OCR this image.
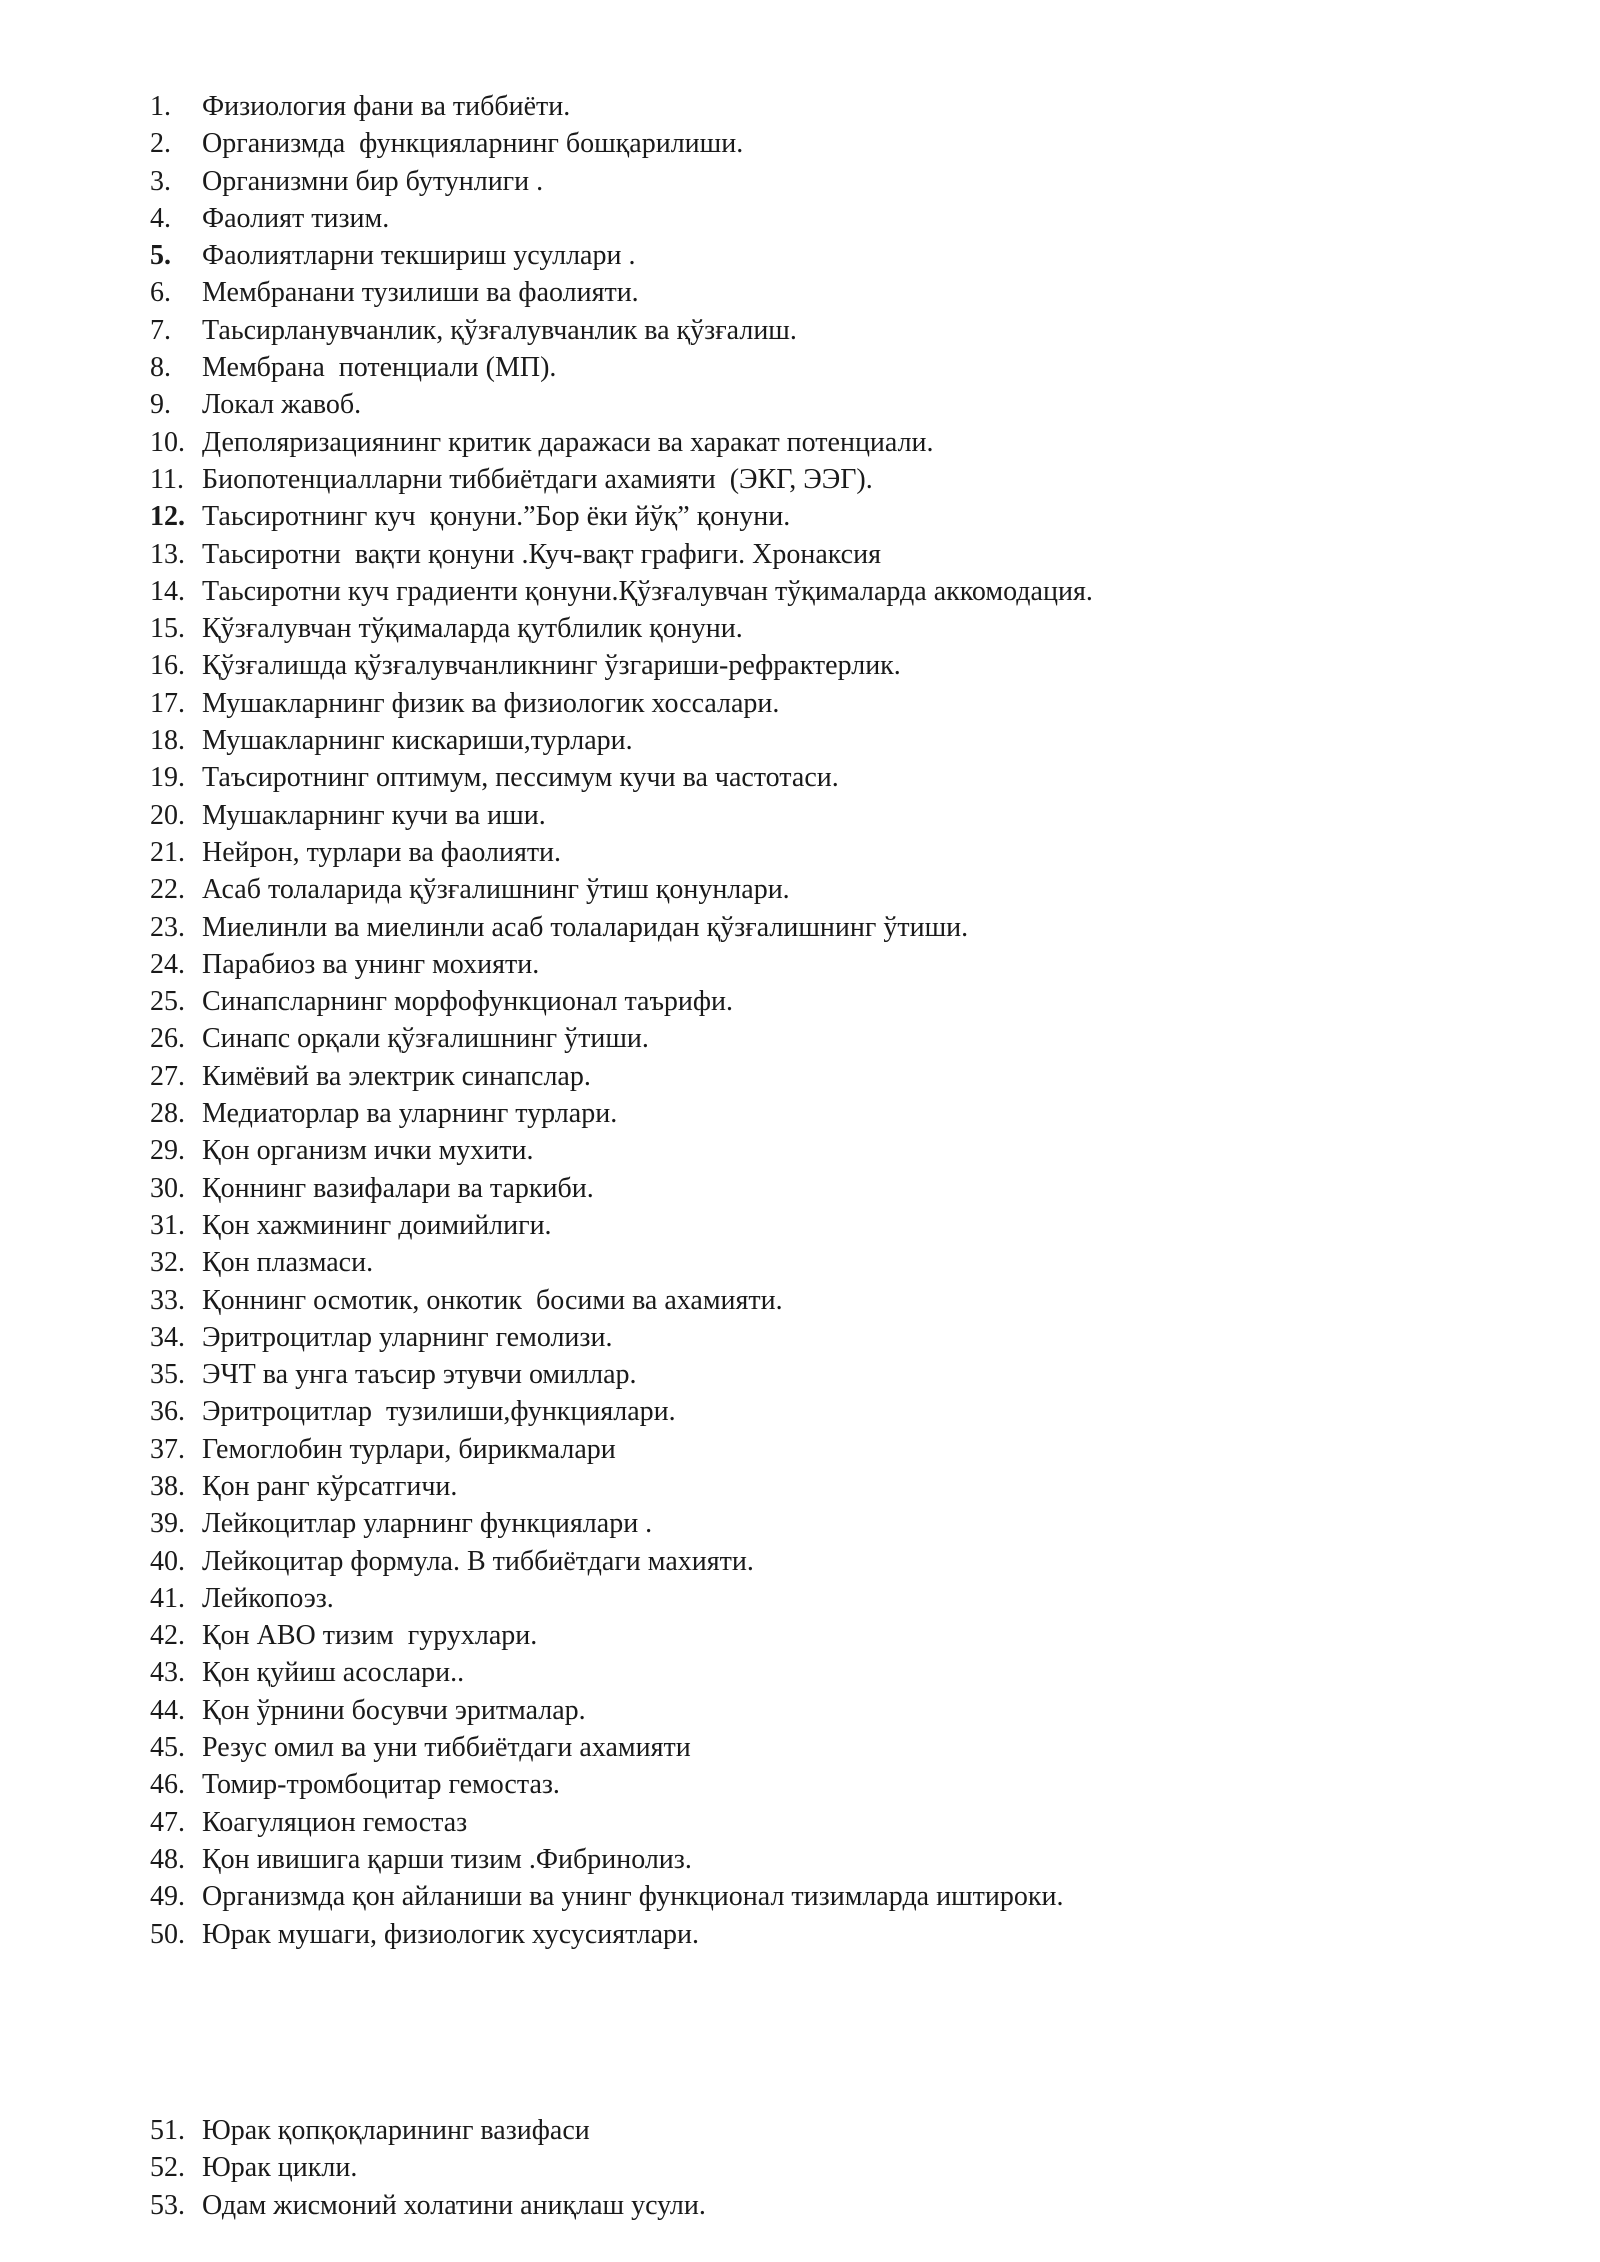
1.	Физиология фани ва тиббиёти.
2.	Организмда  функцияларнинг бошқарилиши.
3.	Организмни бир бутунлиги .
4.	Фаолият тизим.
5.	Фаолиятларни текшириш усуллари .
6.	Мембранани тузилиши ва фаолияти.
7.	Таьсирланувчанлик, қўзғалувчанлик ва қўзғалиш.
8.	Мембрана  потенциали (МП).
9.	Локал жавоб.
10. Деполяризациянинг критик даражаси ва харакат потенциали.
11. Биопотенциалларни тиббиётдаги ахамияти  (ЭКГ, ЭЭГ).
12. Таьсиротнинг куч  қонуни.”Бор ёки йўқ” қонуни.
13. Таьсиротни  вақти қонуни .Куч-вақт графиги. Хронаксия
14. Таьсиротни куч градиенти қонуни.Қўзғалувчан тўқималарда аккомодация.
15. Қўзғалувчан тўқималарда қутблилик қонуни.
16. Қўзғалишда қўзғалувчанликнинг ўзгариши-рефрактерлик.
17. Мушакларнинг физик ва физиологик хоссалари.
18. Мушакларнинг кискариши,турлари.
19. Таъсиротнинг оптимум, пессимум кучи ва частотаси.
20. Мушакларнинг кучи ва иши.
21. Нейрон, турлари ва фаолияти.
22. Асаб толаларида қўзғалишнинг ўтиш қонунлари.
23. Миелинли ва миелинли асаб толаларидан қўзғалишнинг ўтиши.
24. Парабиоз ва унинг мохияти.
25. Синапсларнинг морфофункционал таърифи.
26. Синапс орқали қўзғалишнинг ўтиши.
27. Кимёвий ва электрик синапслар.
28. Медиаторлар ва уларнинг турлари.
29. Қон организм ички мухити.
30. Қоннинг вазифалари ва таркиби.
31. Қон хажмининг доимийлиги.
32. Қон плазмаси.
33. Қоннинг осмотик, онкотик  босими ва ахамияти.
34. Эритроцитлар уларнинг гемолизи.
35. ЭЧТ ва унга таъсир этувчи омиллар.
36. Эритроцитлар  тузилиши,функциялари.
37. Гемоглобин турлари, бирикмалари
38. Қон ранг кўрсатгичи.
39. Лейкоцитлар уларнинг функциялари .
40. Лейкоцитар формула. В тиббиётдаги махияти.
41. Лейкопоэз.
42. Қон АВО тизим  гурухлари.
43. Қон қуйиш асослари..
44. Қон ўрнини босувчи эритмалар.
45. Резус омил ва уни тиббиётдаги ахамияти
46. Томир-тромбоцитар гемостаз.
47. Коагуляцион гемостаз
48. Қон ивишига қарши тизим .Фибринолиз.
49. Организмда қон айланиши ва унинг функционал тизимларда иштироки.
50. Юрак мушаги, физиологик хусусиятлари.
51. Юрак қопқоқларининг вазифаси
52. Юрак цикли.
53. Одам жисмоний холатини аниқлаш усули.
